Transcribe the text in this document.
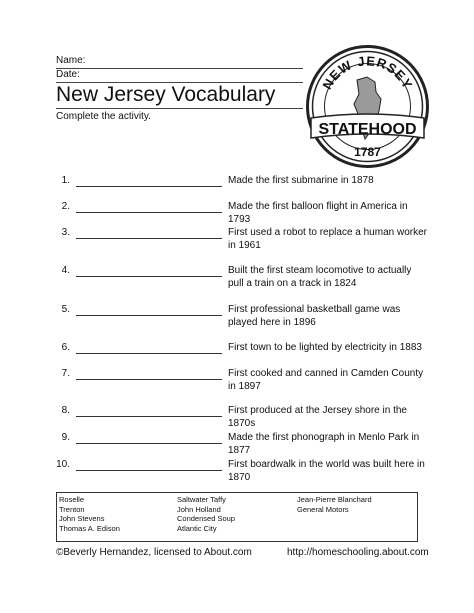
Name:
Date:
New Jersey Vocabulary
Complete the activity.
NEW JERSEY
STATEHOOD
1787
1.	Made the first submarine in 1878
2.	Made the first balloon flight in America in 1793
3.	First used a robot to replace a human worker in 1961
4.	Built the first steam locomotive to actually pull a train on a track in 1824
5.	First professional basketball game was played here in 1896
6.	First town to be lighted by electricity in 1883
7.	First cooked and canned in Camden County in 1897
8.	First produced at the Jersey shore in the 1870s
9.	Made the first phonograph in Menlo Park in 1877
10.	First boardwalk in the world was built here in 1870
Roselle
Trenton
John Stevens
Thomas A. Edison
Saltwater Taffy
John Holland
Condensed Soup
Atlantic City
Jean-Pierre Blanchard
General Motors
©Beverly Hernandez, licensed to About.com	http://homeschooling.about.com
